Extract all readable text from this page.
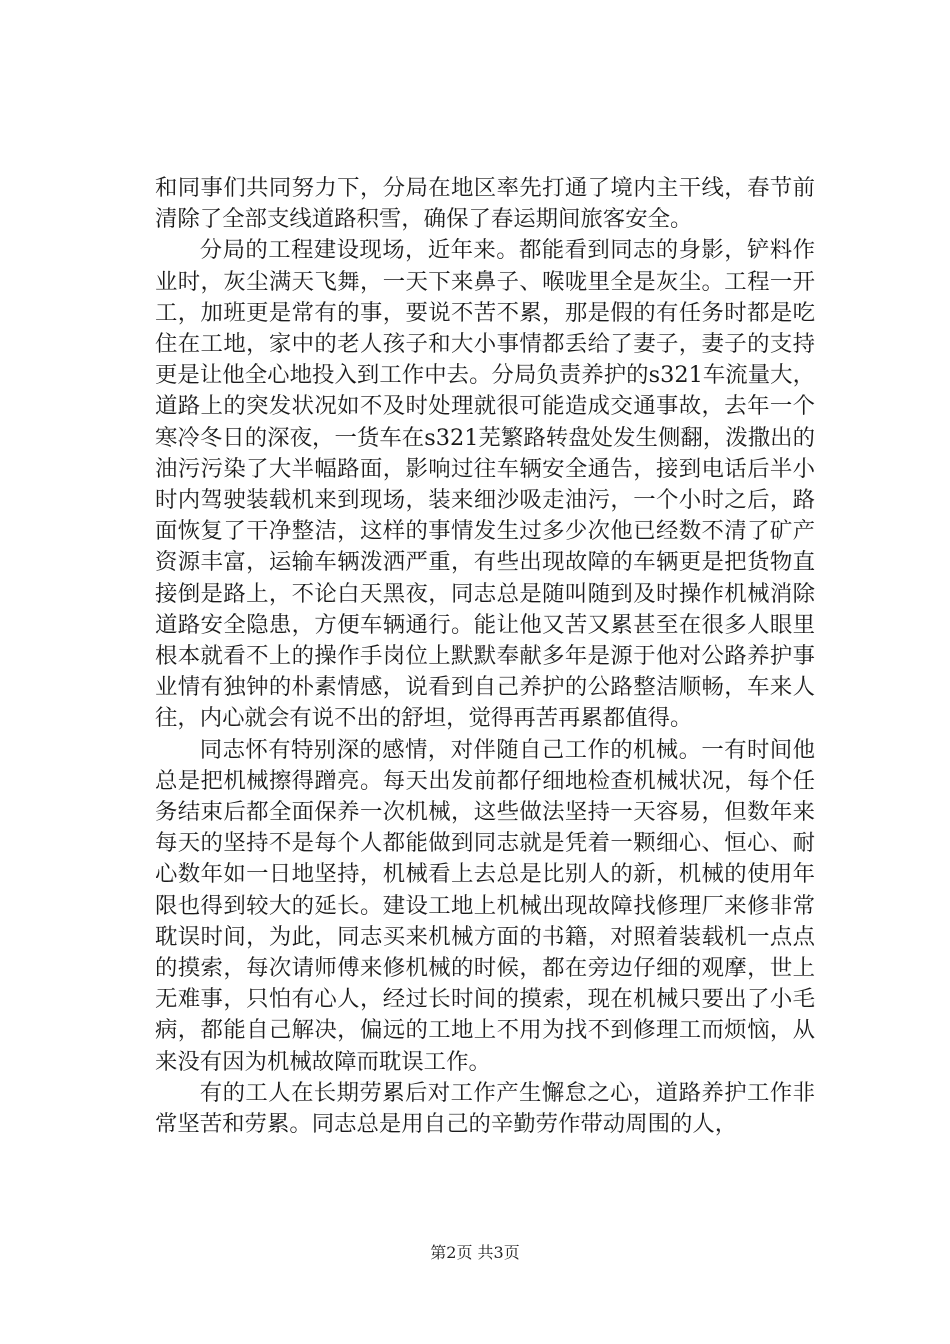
和同事们共同努力下，分局在地区率先打通了境内主干线，春节前清除了全部支线道路积雪，确保了春运期间旅客安全。

分局的工程建设现场，近年来。都能看到同志的身影，铲料作业时，灰尘满天飞舞，一天下来鼻子、喉咙里全是灰尘。工程一开工，加班更是常有的事，要说不苦不累，那是假的有任务时都是吃住在工地，家中的老人孩子和大小事情都丢给了妻子，妻子的支持更是让他全心地投入到工作中去。分局负责养护的s321车流量大，道路上的突发状况如不及时处理就很可能造成交通事故，去年一个寒冷冬日的深夜，一货车在s321芜繁路转盘处发生侧翻，泼撒出的油污污染了大半幅路面，影响过往车辆安全通告，接到电话后半小时内驾驶装载机来到现场，装来细沙吸走油污，一个小时之后，路面恢复了干净整洁，这样的事情发生过多少次他已经数不清了矿产资源丰富，运输车辆泼洒严重，有些出现故障的车辆更是把货物直接倒是路上，不论白天黑夜，同志总是随叫随到及时操作机械消除道路安全隐患，方便车辆通行。能让他又苦又累甚至在很多人眼里根本就看不上的操作手岗位上默默奉献多年是源于他对公路养护事业情有独钟的朴素情感，说看到自己养护的公路整洁顺畅，车来人往，内心就会有说不出的舒坦，觉得再苦再累都值得。

同志怀有特别深的感情，对伴随自己工作的机械。一有时间他总是把机械擦得蹭亮。每天出发前都仔细地检查机械状况，每个任务结束后都全面保养一次机械，这些做法坚持一天容易，但数年来每天的坚持不是每个人都能做到同志就是凭着一颗细心、恒心、耐心数年如一日地坚持，机械看上去总是比别人的新，机械的使用年限也得到较大的延长。建设工地上机械出现故障找修理厂来修非常耽误时间，为此，同志买来机械方面的书籍，对照着装载机一点点的摸索，每次请师傅来修机械的时候，都在旁边仔细的观摩，世上无难事，只怕有心人，经过长时间的摸索，现在机械只要出了小毛病，都能自己解决，偏远的工地上不用为找不到修理工而烦恼，从来没有因为机械故障而耽误工作。

有的工人在长期劳累后对工作产生懈怠之心，道路养护工作非常坚苦和劳累。同志总是用自己的辛勤劳作带动周围的人，

第2页 共3页
